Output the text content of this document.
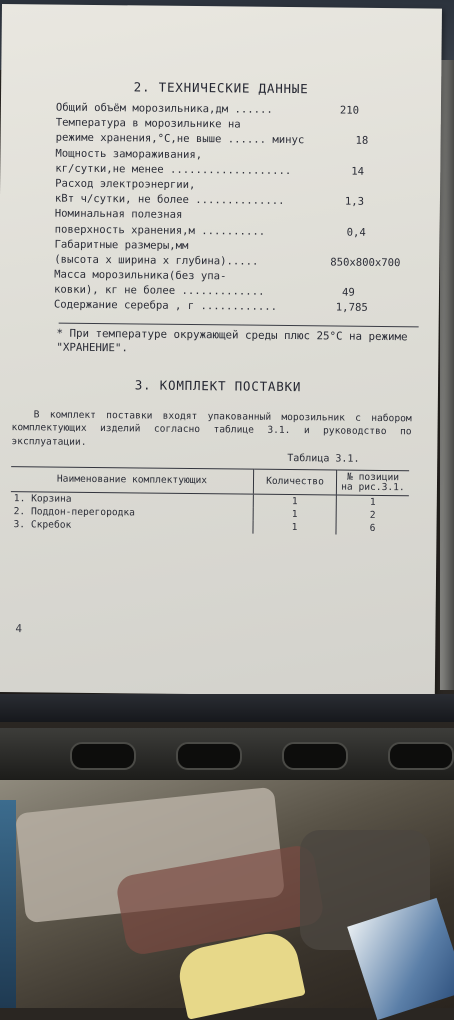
2. ТЕХНИЧЕСКИЕ ДАННЫЕ
Общий объём морозильника,дм ......	210
Температура в морозильнике на
режиме хранения,°С,не выше ...... минус	18
Мощность замораживания,
кг/сутки,не менее ...................	14
Расход электроэнергии,
кВт ч/сутки, не более ..............	1,3
Номинальная полезная
поверхность хранения,м ..........	0,4
Габаритные размеры,мм
(высота х ширина х глубина).....	850х800х700
Масса морозильника(без упа-
ковки), кг не более .............	49
Содержание серебра , г ............	1,785
* При температуре окружающей среды плюс 25°С на режиме "ХРАНЕНИЕ".
3. КОМПЛЕКТ ПОСТАВКИ
В комплект поставки входят упакованный морозильник с набором комплектующих изделий согласно таблице 3.1. и руководство по эксплуатации.
Таблица 3.1.
Наименование комплектующих	Количество	№ позиции на рис.3.1.
1. Корзина	1	1
2. Поддон-перегородка	1	2
3. Скребок	1	6
4
